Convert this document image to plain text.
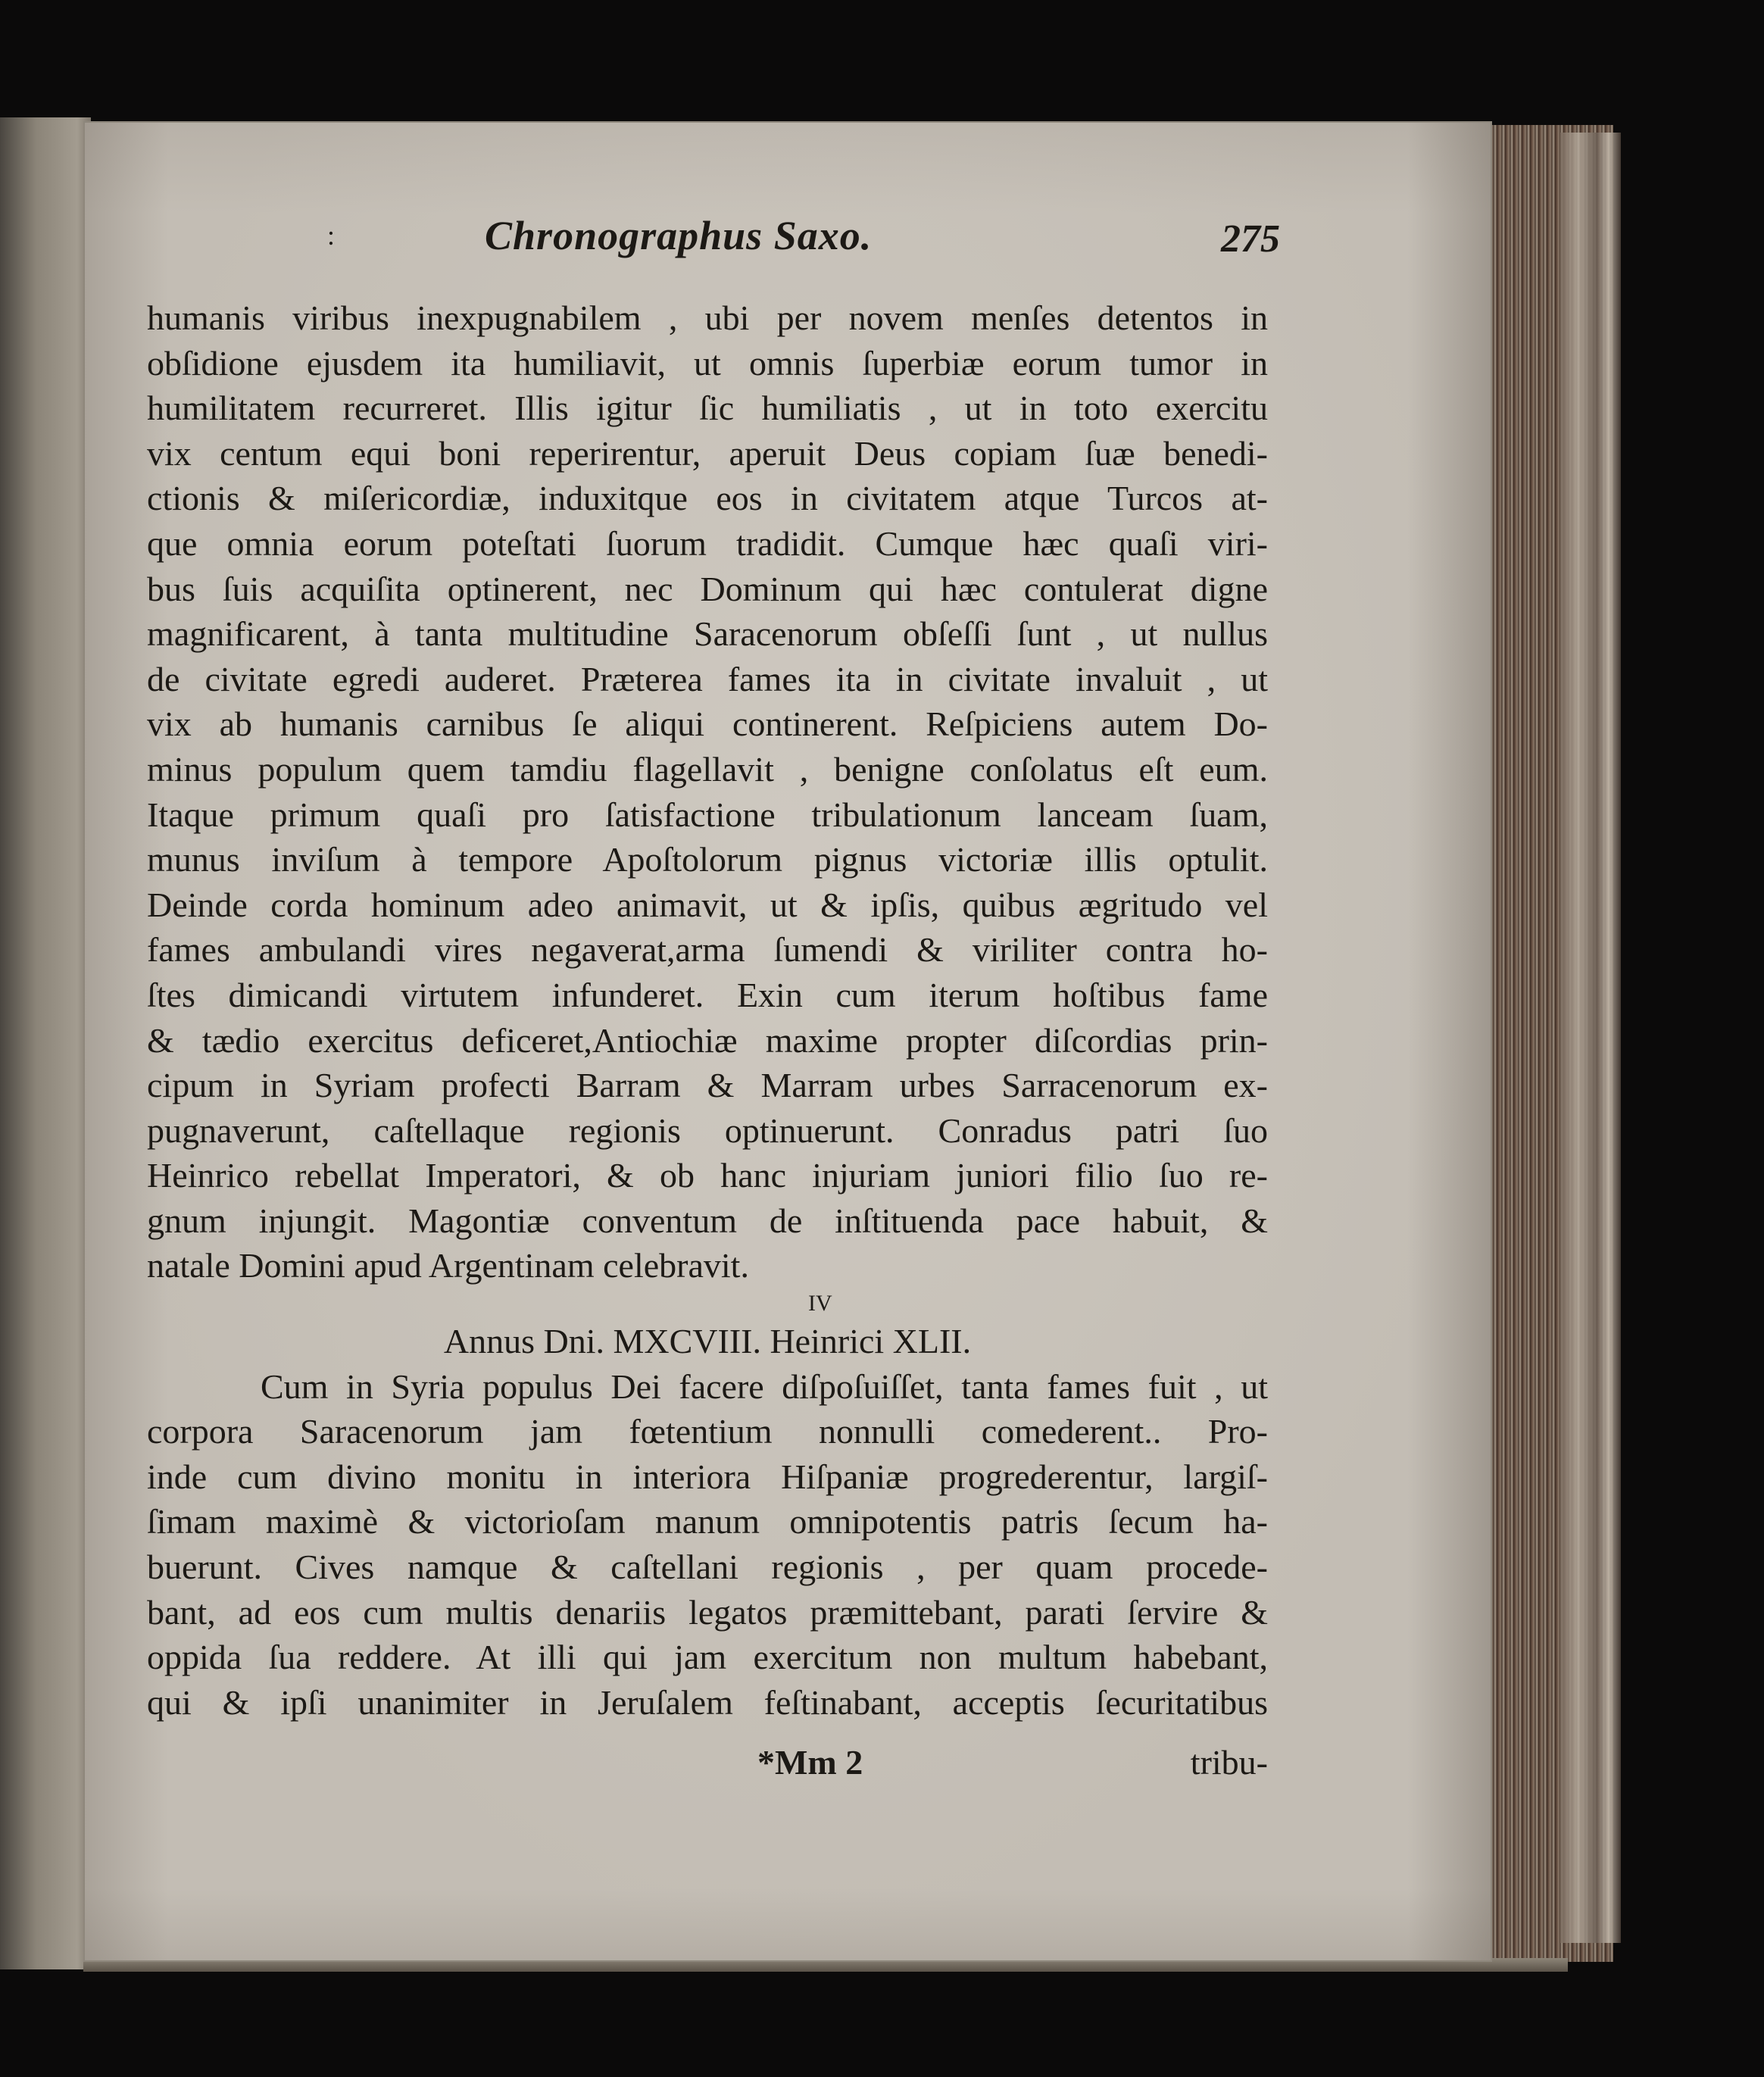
:	Chronographus Saxo.	275
humanis viribus inexpugnabilem , ubi per novem menſes detentos in
obſidione ejusdem ita humiliavit, ut omnis ſuperbiæ eorum tumor in
humilitatem recurreret. Illis igitur ſic humiliatis , ut in toto exercitu
vix centum equi boni reperirentur, aperuit Deus copiam ſuæ benedi-
ctionis & miſericordiæ, induxitque eos in civitatem atque Turcos at-
que omnia eorum poteſtati ſuorum tradidit. Cumque hæc quaſi viri-
bus ſuis acquiſita optinerent, nec Dominum qui hæc contulerat digne
magnificarent, à tanta multitudine Saracenorum obſeſſi ſunt , ut nullus
de civitate egredi auderet. Præterea fames ita in civitate invaluit , ut
vix ab humanis carnibus ſe aliqui continerent. Reſpiciens autem Do-
minus populum quem tamdiu flagellavit , benigne conſolatus eſt eum.
Itaque primum quaſi pro ſatisfactione tribulationum lanceam ſuam,
munus inviſum à tempore Apoſtolorum pignus victoriæ illis optulit.
Deinde corda hominum adeo animavit, ut & ipſis, quibus ægritudo vel
fames ambulandi vires negaverat,arma ſumendi & viriliter contra ho-
ſtes dimicandi virtutem infunderet. Exin cum iterum hoſtibus fame
& tædio exercitus deficeret,Antiochiæ maxime propter diſcordias prin-
cipum in Syriam profecti Barram & Marram urbes Sarracenorum ex-
pugnaverunt, caſtellaque regionis optinuerunt. Conradus patri ſuo
Heinrico rebellat Imperatori, & ob hanc injuriam juniori filio ſuo re-
gnum injungit. Magontiæ conventum de inſtituenda pace habuit, &
natale Domini apud Argentinam celebravit.
IV
Annus Dni. MXCVIII. Heinrici XLII.
Cum in Syria populus Dei facere diſpoſuiſſet, tanta fames fuit , ut
corpora Saracenorum jam fœtentium nonnulli comederent.. Pro-
inde cum divino monitu in interiora Hiſpaniæ progrederentur, largiſ-
ſimam maximè & victorioſam manum omnipotentis patris ſecum ha-
buerunt. Cives namque & caſtellani regionis , per quam procede-
bant, ad eos cum multis denariis legatos præmittebant, parati ſervire &
oppida ſua reddere. At illi qui jam exercitum non multum habebant,
qui & ipſi unanimiter in Jeruſalem feſtinabant, acceptis ſecuritatibus
*Mm 2	tribu-
